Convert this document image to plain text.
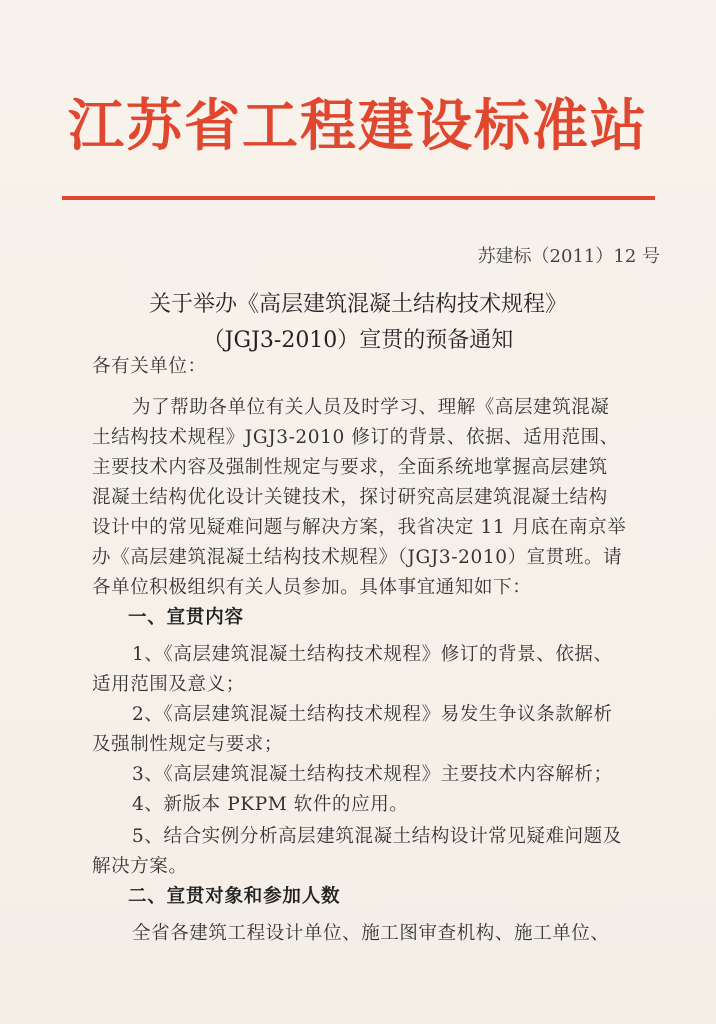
江苏省工程建设标准站
苏建标（2011）12 号
关于举办《高层建筑混凝土结构技术规程》
（JGJ3-2010）宣贯的预备通知
各有关单位：
为了帮助各单位有关人员及时学习、理解《高层建筑混凝
土结构技术规程》JGJ3-2010 修订的背景、依据、适用范围、
主要技术内容及强制性规定与要求，全面系统地掌握高层建筑
混凝土结构优化设计关键技术，探讨研究高层建筑混凝土结构
设计中的常见疑难问题与解决方案，我省决定 11 月底在南京举
办《高层建筑混凝土结构技术规程》（JGJ3-2010）宣贯班。请
各单位积极组织有关人员参加。具体事宜通知如下：
一、宣贯内容
1、《高层建筑混凝土结构技术规程》修订的背景、依据、
适用范围及意义；
2、《高层建筑混凝土结构技术规程》易发生争议条款解析
及强制性规定与要求；
3、《高层建筑混凝土结构技术规程》主要技术内容解析；
4、新版本 PKPM 软件的应用。
5、结合实例分析高层建筑混凝土结构设计常见疑难问题及
解决方案。
二、宣贯对象和参加人数
全省各建筑工程设计单位、施工图审查机构、施工单位、
